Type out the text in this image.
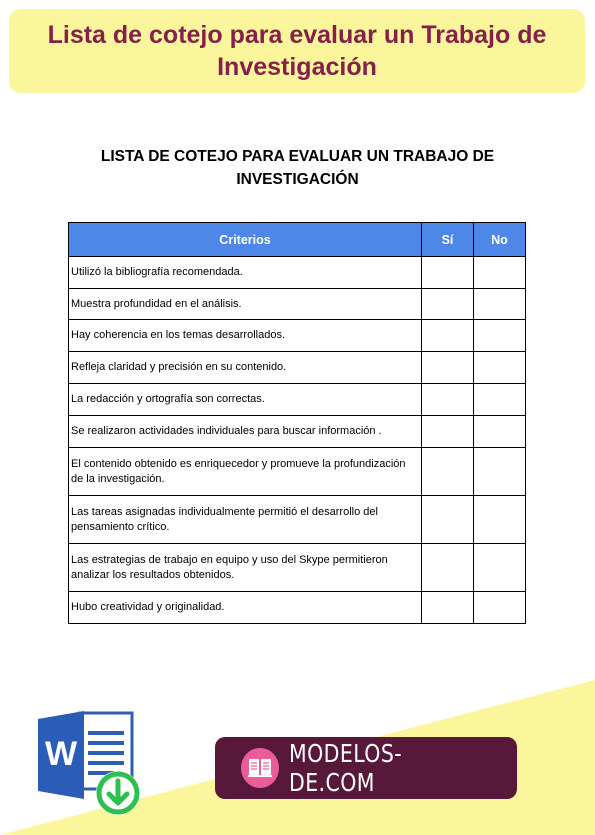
Lista de cotejo para evaluar un Trabajo de Investigación
LISTA DE COTEJO PARA EVALUAR UN TRABAJO DE INVESTIGACIÓN
Criterios	Sí	No
Utilizó la bibliografía recomendada.		
Muestra profundidad en el análisis.		
Hay coherencia en los temas desarrollados.		
Refleja claridad y precisión en su contenido.		
La redacción y ortografía son correctas.		
Se realizaron actividades individuales para buscar información .		
El contenido obtenido es enriquecedor y promueve la profundización de la investigación.		
Las tareas asignadas individualmente permitió el desarrollo del pensamiento crítico.		
Las estrategias de trabajo en equipo y uso del Skype permitieron analizar los resultados obtenidos.		
Hubo creatividad y originalidad.		
W	MODELOS-DE.COM
